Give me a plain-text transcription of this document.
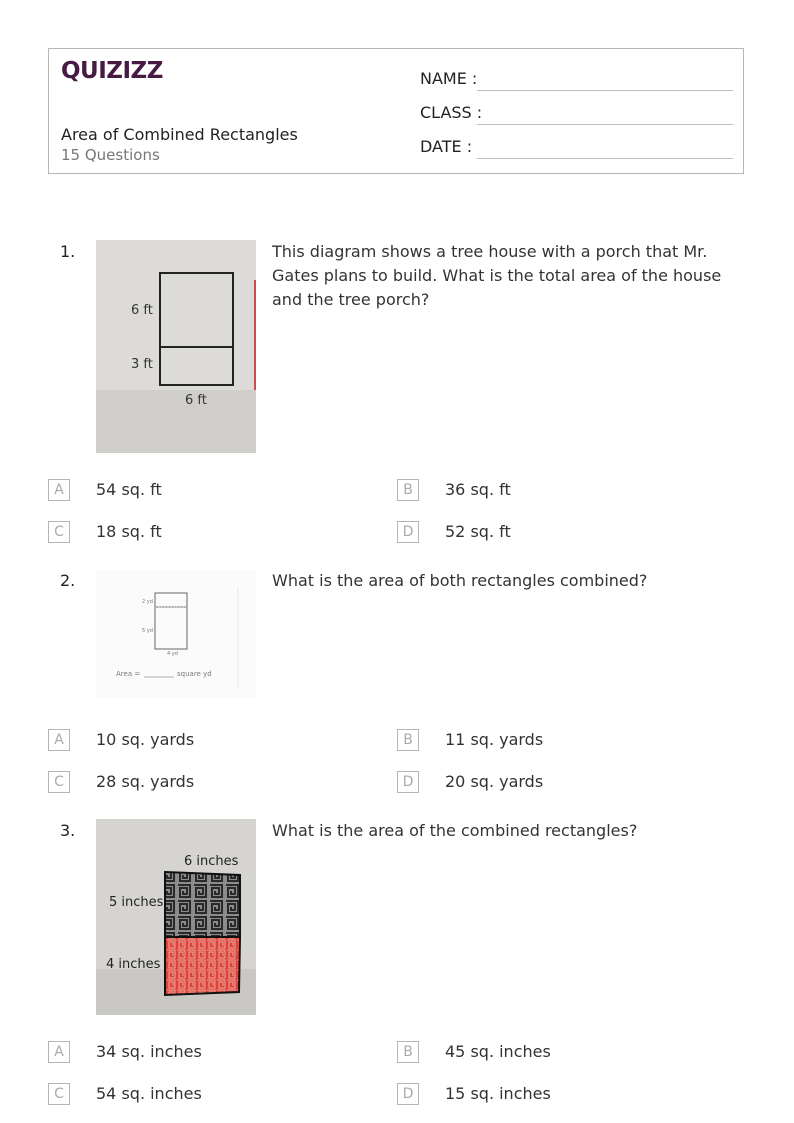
QUIZIZZ
Area of Combined Rectangles
15 Questions
NAME :
CLASS :
DATE :
1.
6 ft
3 ft
6 ft
This diagram shows a tree house with a porch that Mr. Gates plans to build. What is the total area of the house and the tree porch?
A	54 sq. ft	B	36 sq. ft
C	18 sq. ft	D	52 sq. ft
2.
2 yd
5 yd
4 yd
Area =	square yd
What is the area of both rectangles combined?
A	10 sq. yards	B	11 sq. yards
C	28 sq. yards	D	20 sq. yards
3.
6 inches
5 inches
4 inches
What is the area of the combined rectangles?
A	34 sq. inches	B	45 sq. inches
C	54 sq. inches	D	15 sq. inches
